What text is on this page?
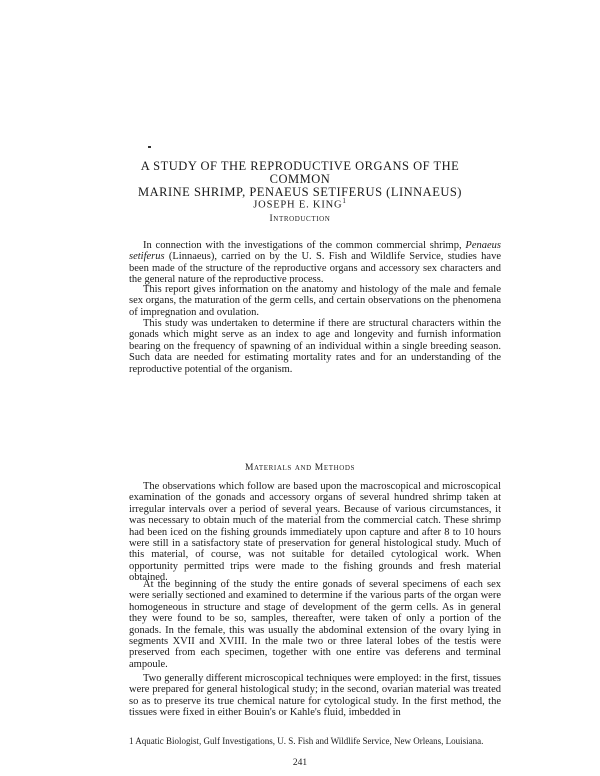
A STUDY OF THE REPRODUCTIVE ORGANS OF THE COMMON
MARINE SHRIMP, PENAEUS SETIFERUS (LINNAEUS)
JOSEPH E. KING$^1$
Introduction

In connection with the investigations of the common commercial shrimp, Penaeus setiferus (Linnaeus), carried on by the U. S. Fish and Wildlife Service, studies have been made of the structure of the reproductive organs and accessory sex characters and the general nature of the reproductive process.

This report gives information on the anatomy and histology of the male and female sex organs, the maturation of the germ cells, and certain observations on the phenomena of impregnation and ovulation.

This study was undertaken to determine if there are structural characters within the gonads which might serve as an index to age and longevity and furnish information bearing on the frequency of spawning of an individual within a single breeding season. Such data are needed for estimating mortality rates and for an understanding of the reproductive potential of the organism.

Materials and Methods

The observations which follow are based upon the macroscopical and microscopical examination of the gonads and accessory organs of several hundred shrimp taken at irregular intervals over a period of several years. Because of various circumstances, it was necessary to obtain much of the material from the commercial catch. These shrimp had been iced on the fishing grounds immediately upon capture and after 8 to 10 hours were still in a satisfactory state of preservation for general histological study. Much of this material, of course, was not suitable for detailed cytological work. When opportunity permitted trips were made to the fishing grounds and fresh material obtained.

At the beginning of the study the entire gonads of several specimens of each sex were serially sectioned and examined to determine if the various parts of the organ were homogeneous in structure and stage of development of the germ cells. As in general they were found to be so, samples, thereafter, were taken of only a portion of the gonads. In the female, this was usually the abdominal extension of the ovary lying in segments XVII and XVIII. In the male two or three lateral lobes of the testis were preserved from each specimen, together with one entire vas deferens and terminal ampoule.

Two generally different microscopical techniques were employed: in the first, tissues were prepared for general histological study; in the second, ovarian material was treated so as to preserve its true chemical nature for cytological study. In the first method, the tissues were fixed in either Bouin's or Kahle's fluid, imbedded in

1 Aquatic Biologist, Gulf Investigations, U. S. Fish and Wildlife Service, New Orleans, Louisiana.

241
